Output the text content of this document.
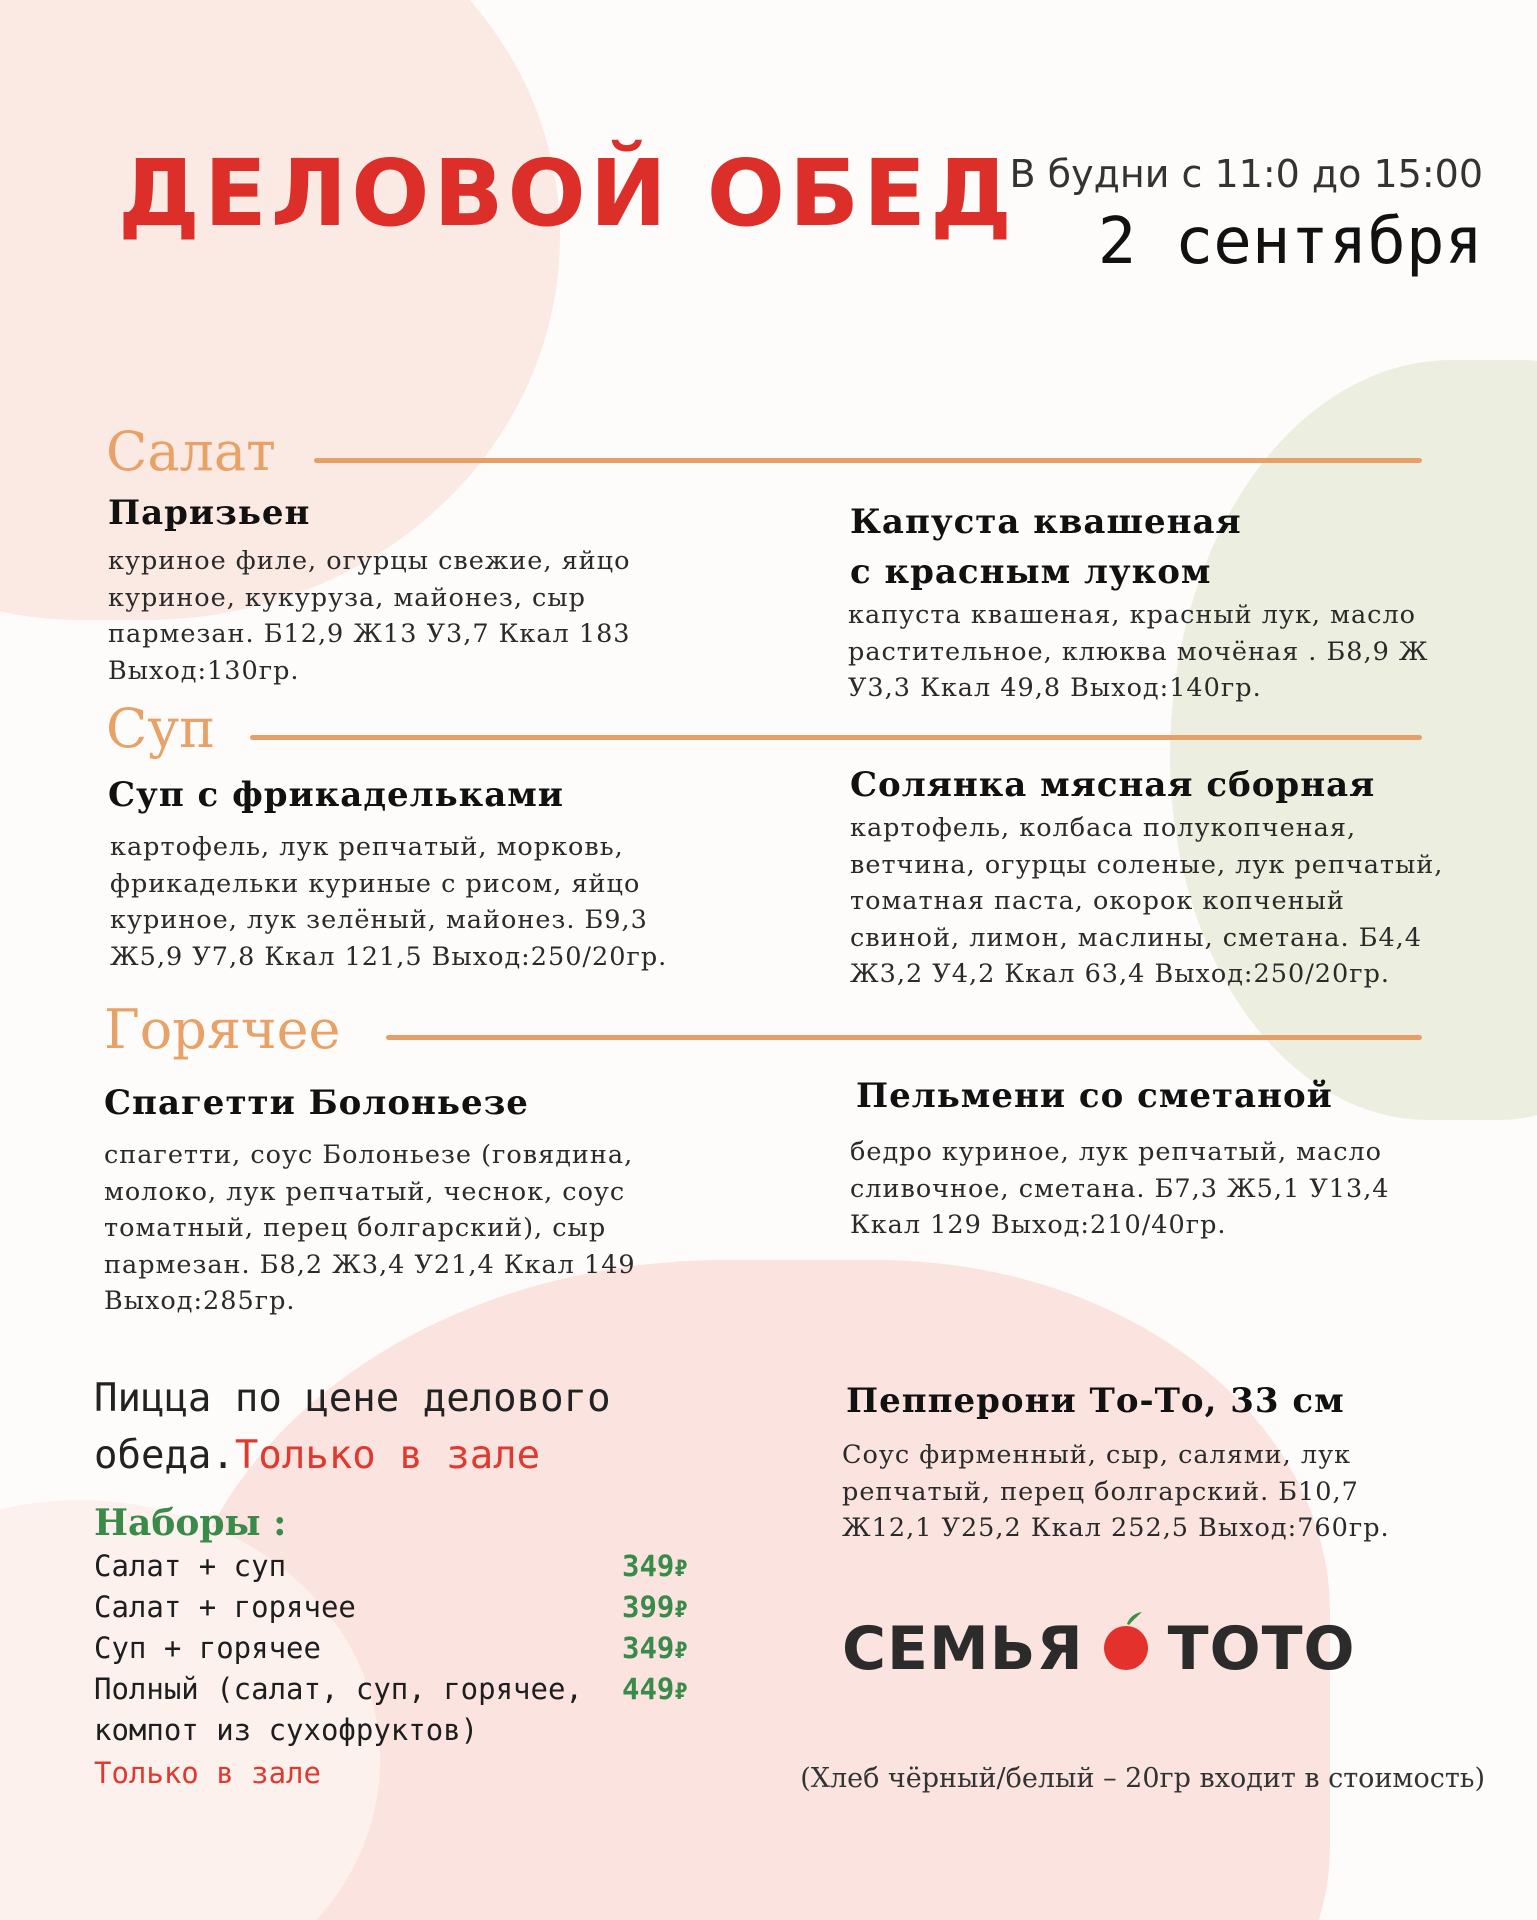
ДЕЛОВОЙ ОБЕД
В будни с 11:0 до 15:00
2 сентября
Салат
Паризьен
куриное филе, огурцы свежие, яйцо куриное, кукуруза, майонез, сыр пармезан. Б12,9 Ж13 У3,7 Ккал 183 Выход:130гр.
Капуста квашеная
с красным луком
капуста квашеная, красный лук, масло растительное, клюква мочёная . Б8,9 Ж У3,3 Ккал 49,8 Выход:140гр.
Суп
Суп с фрикадельками
картофель, лук репчатый, морковь, фрикадельки куриные с рисом, яйцо куриное, лук зелёный, майонез. Б9,3 Ж5,9 У7,8 Ккал 121,5 Выход:250/20гр.
Солянка мясная сборная
картофель, колбаса полукопченая, ветчина, огурцы соленые, лук репчатый, томатная паста, окорок копченый свиной, лимон, маслины, сметана. Б4,4 Ж3,2 У4,2 Ккал 63,4 Выход:250/20гр.
Горячее
Спагетти Болоньезе
спагетти, соус Болоньезе (говядина, молоко, лук репчатый, чеснок, соус томатный, перец болгарский), сыр пармезан. Б8,2 Ж3,4 У21,4 Ккал 149 Выход:285гр.
Пельмени со сметаной
бедро куриное, лук репчатый, масло сливочное, сметана. Б7,3 Ж5,1 У13,4 Ккал 129 Выход:210/40гр.
Пицца по цене делового обеда.Только в зале
Пепперони То-То, 33 см
Соус фирменный, сыр, салями, лук репчатый, перец болгарский. Б10,7 Ж12,1 У25,2 Ккал 252,5 Выход:760гр.
Наборы :
Салат + суп	349₽
Салат + горячее	399₽
Суп + горячее	349₽
Полный (салат, суп, горячее, 449₽
компот из сухофруктов)
Только в зале
СЕМЬЯ ТОТО
(Хлеб чёрный/белый – 20гр входит в стоимость)
